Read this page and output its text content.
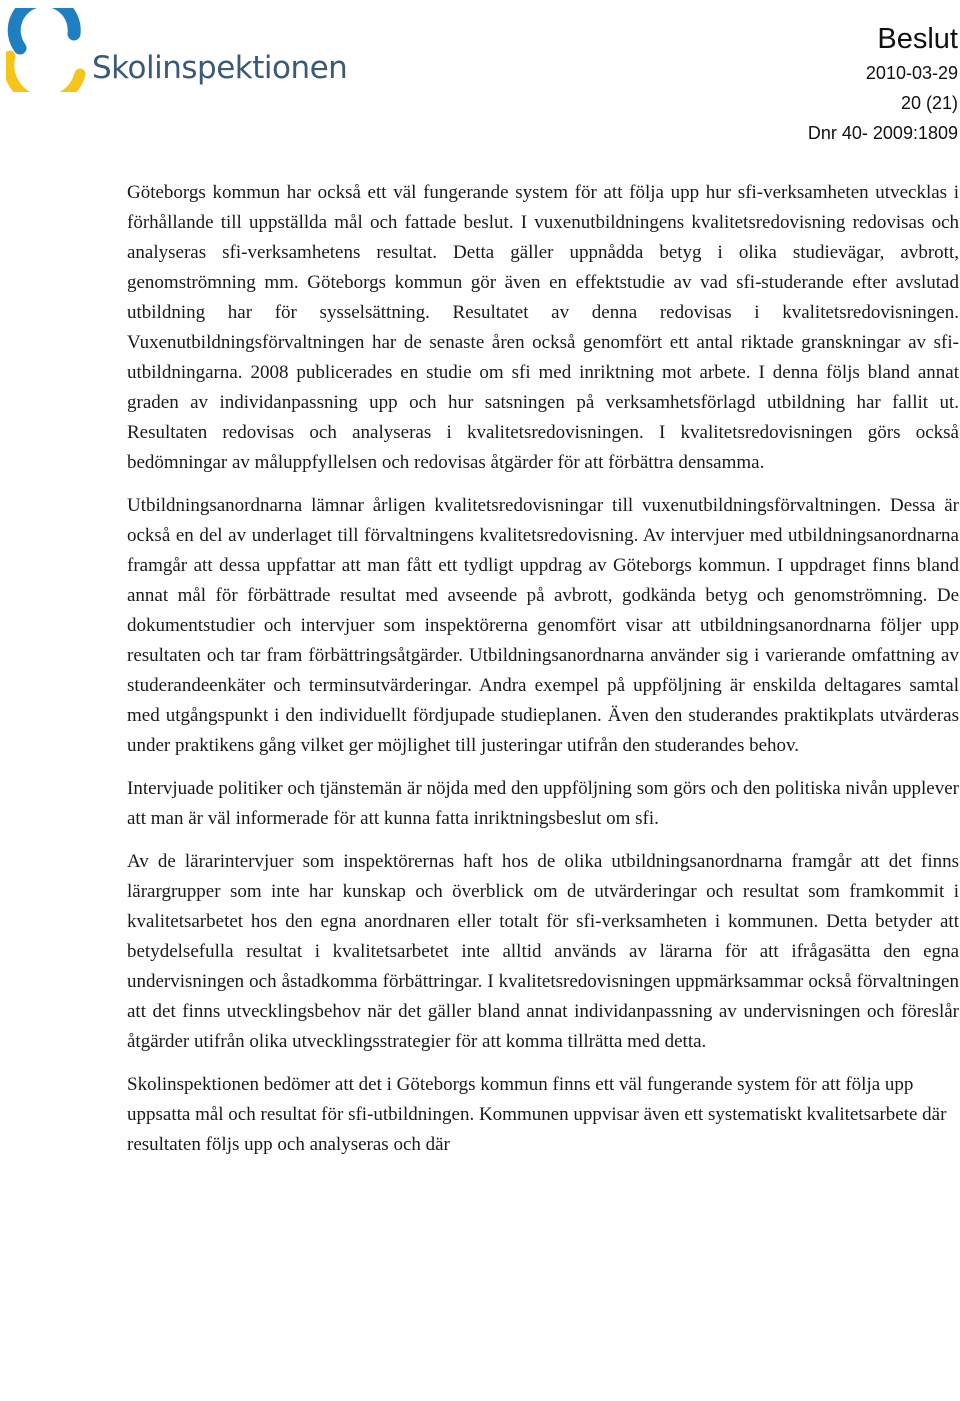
Skolinspektionen
Beslut
2010-03-29
20 (21)
Dnr 40- 2009:1809

Göteborgs kommun har också ett väl fungerande system för att följa upp hur sfi-verksamheten utvecklas i förhållande till uppställda mål och fattade beslut. I vuxenutbildningens kvalitetsredovisning redovisas och analyseras sfi-verksamhetens resultat. Detta gäller uppnådda betyg i olika studievägar, avbrott, genomströmning mm. Göteborgs kommun gör även en effektstudie av vad sfi-studerande efter avslutad utbildning har för sysselsättning. Resultatet av denna redovisas i kvalitetsredovisningen. Vuxenutbildningsförvaltningen har de senaste åren också genomfört ett antal riktade granskningar av sfi-utbildningarna. 2008 publicerades en studie om sfi med inriktning mot arbete. I denna följs bland annat graden av individanpassning upp och hur satsningen på verksamhetsförlagd utbildning har fallit ut. Resultaten redovisas och analyseras i kvalitetsredovisningen. I kvalitetsredovisningen görs också bedömningar av måluppfyllelsen och redovisas åtgärder för att förbättra densamma.

Utbildningsanordnarna lämnar årligen kvalitetsredovisningar till vuxenutbildningsförvaltningen. Dessa är också en del av underlaget till förvaltningens kvalitetsredovisning. Av intervjuer med utbildningsanordnarna framgår att dessa uppfattar att man fått ett tydligt uppdrag av Göteborgs kommun. I uppdraget finns bland annat mål för förbättrade resultat med avseende på avbrott, godkända betyg och genomströmning. De dokumentstudier och intervjuer som inspektörerna genomfört visar att utbildningsanordnarna följer upp resultaten och tar fram förbättringsåtgärder. Utbildningsanordnarna använder sig i varierande omfattning av studerandeenkäter och terminsutvärderingar. Andra exempel på uppföljning är enskilda deltagares samtal med utgångspunkt i den individuellt fördjupade studieplanen. Även den studerandes praktikplats utvärderas under praktikens gång vilket ger möjlighet till justeringar utifrån den studerandes behov.

Intervjuade politiker och tjänstemän är nöjda med den uppföljning som görs och den politiska nivån upplever att man är väl informerade för att kunna fatta inriktningsbeslut om sfi.

Av de lärarintervjuer som inspektörernas haft hos de olika utbildningsanordnarna framgår att det finns lärargrupper som inte har kunskap och överblick om de utvärderingar och resultat som framkommit i kvalitetsarbetet hos den egna anordnaren eller totalt för sfi-verksamheten i kommunen. Detta betyder att betydelsefulla resultat i kvalitetsarbetet inte alltid används av lärarna för att ifrågasätta den egna undervisningen och åstadkomma förbättringar. I kvalitetsredovisningen uppmärksammar också förvaltningen att det finns utvecklingsbehov när det gäller bland annat individanpassning av undervisningen och föreslår åtgärder utifrån olika utvecklingsstrategier för att komma tillrätta med detta.

Skolinspektionen bedömer att det i Göteborgs kommun finns ett väl fungerande system för att följa upp uppsatta mål och resultat för sfi-utbildningen. Kommunen uppvisar även ett systematiskt kvalitetsarbete där resultaten följs upp och analyseras och där
